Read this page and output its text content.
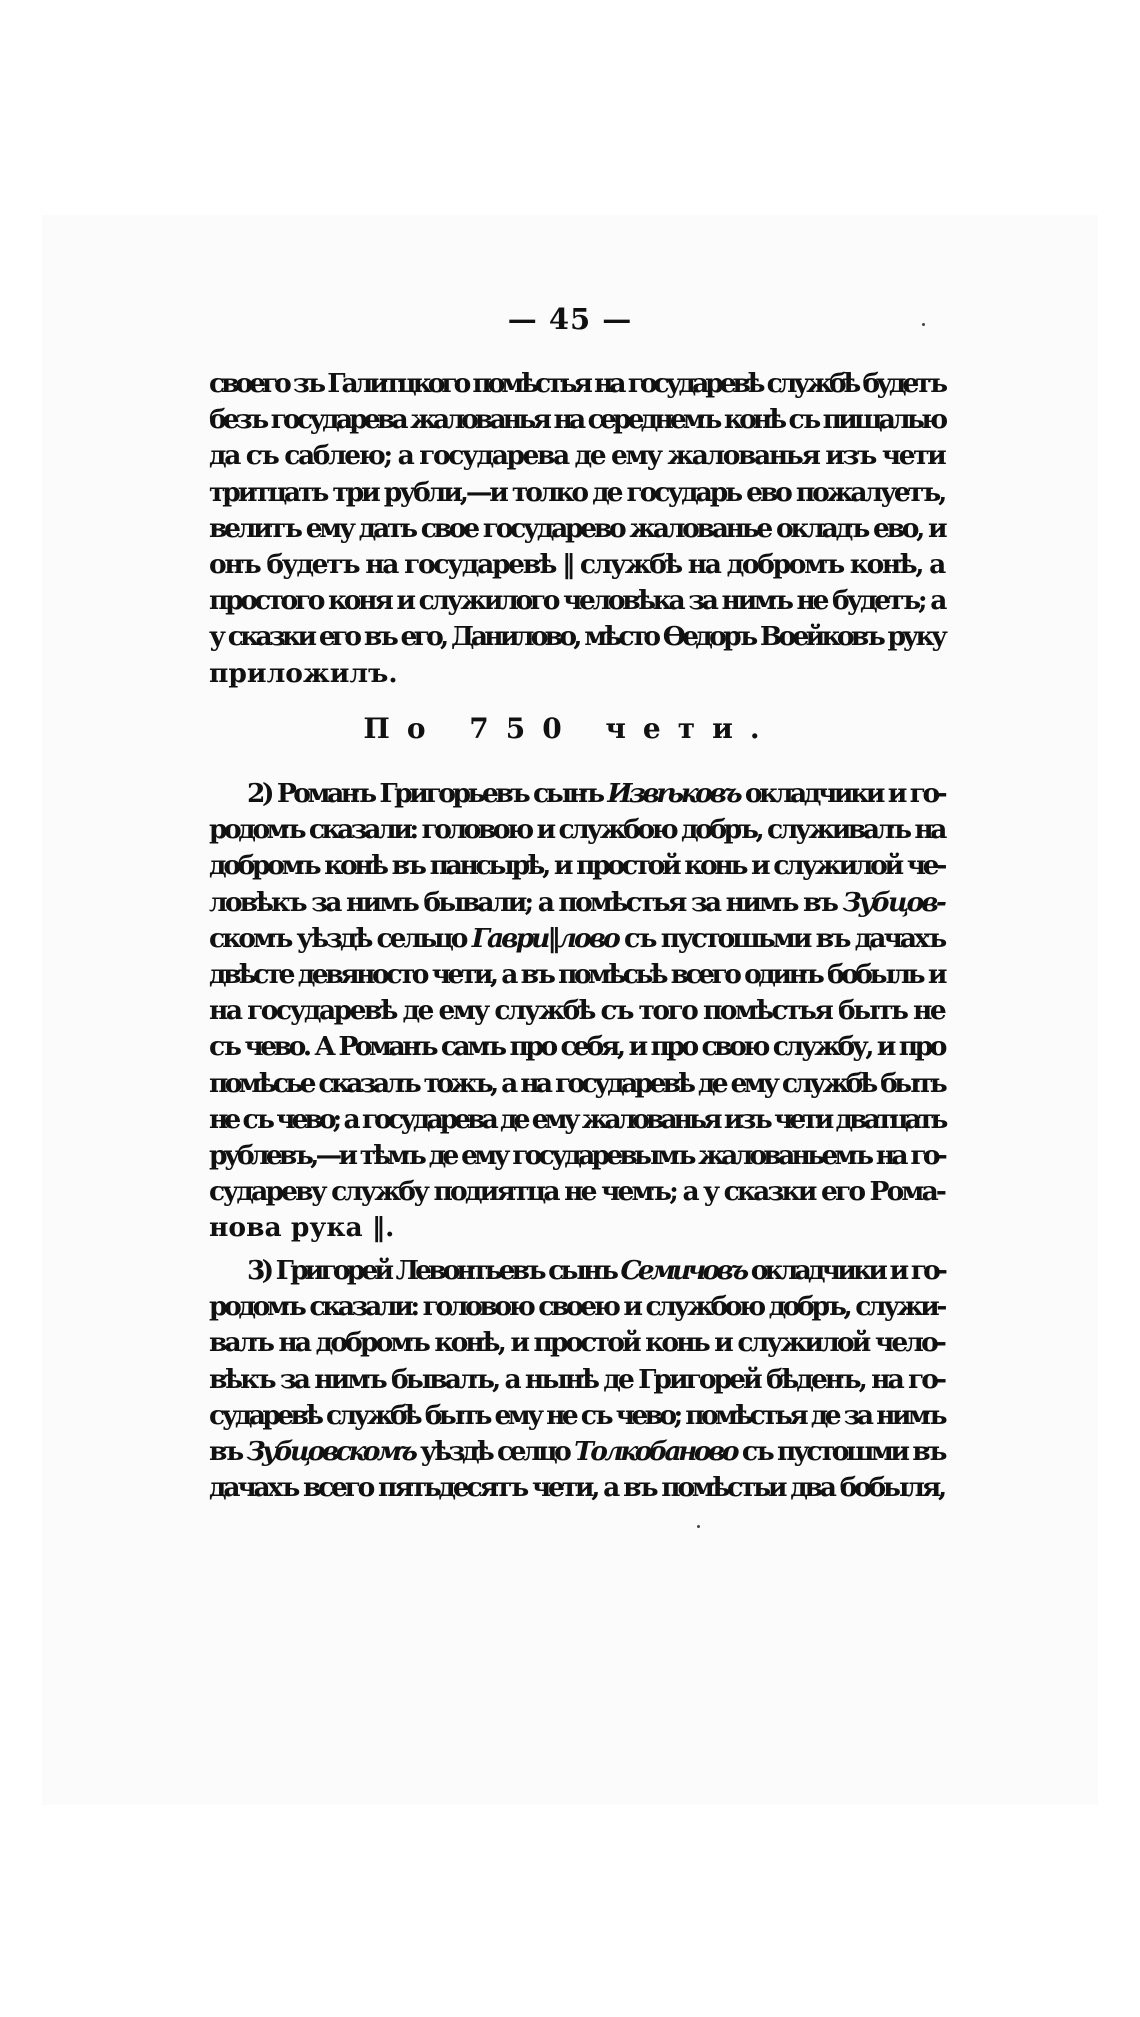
— 45 —
своего зъ Галитцкого помѣстья на государевѣ службѣ будетъ
безъ государева жалованья на середнемъ конѣ съ пищалью
да съ саблею; а государева де ему жалованья изъ чети
тритцать три рубли,—и толко де государь ево пожалуетъ,
велитъ ему дать свое государево жалованье окладъ ево, и
онъ будетъ на государевѣ ‖ службѣ на добромъ конѣ, а
простого коня и служилого человѣка за нимъ не будетъ; а
у сказки его въ его, Данилово, мѣсто Ѳедоръ Воейковъ руку
приложилъ.
По 750 чети.
2) Романъ Григорьевъ сынъ Извѣковъ окладчики и го-
родомъ сказали: головою и службою добръ, служивалъ на
добромъ конѣ въ пансырѣ, и простой конь и служилой че-
ловѣкъ за нимъ бывали; а помѣстья за нимъ въ Зубцов-
скомъ уѣздѣ сельцо Гаври‖лово съ пустошьми въ дачахъ
двѣсте девяносто чети, а въ помѣсьѣ всего одинъ бобыль и
на государевѣ де ему службѣ съ того помѣстья быть не
съ чево. А Романъ самъ про себя, и про свою службу, и про
помѣсье сказалъ тожъ, а на государевѣ де ему службѣ быть
не съ чево; а государева де ему жалованья изъ чети дватцать
рублевъ,—и тѣмъ де ему государевымъ жалованьемъ на го-
судареву службу подиятца не чемъ; а у сказки его Рома-
нова рука ‖.
3) Григорей Левонтьевъ сынъ Семичовъ окладчики и го-
родомъ сказали: головою своею и службою добръ, служи-
валъ на добромъ конѣ, и простой конь и служилой чело-
вѣкъ за нимъ бывалъ, а нынѣ де Григорей бѣденъ, на го-
сударевѣ службѣ быть ему не съ чево; помѣстья де за нимъ
въ Зубцовскомъ уѣздѣ селцо Толкобаново съ пустошми въ
дачахъ всего пятьдесятъ чети, а въ помѣстьи два бобыля,
